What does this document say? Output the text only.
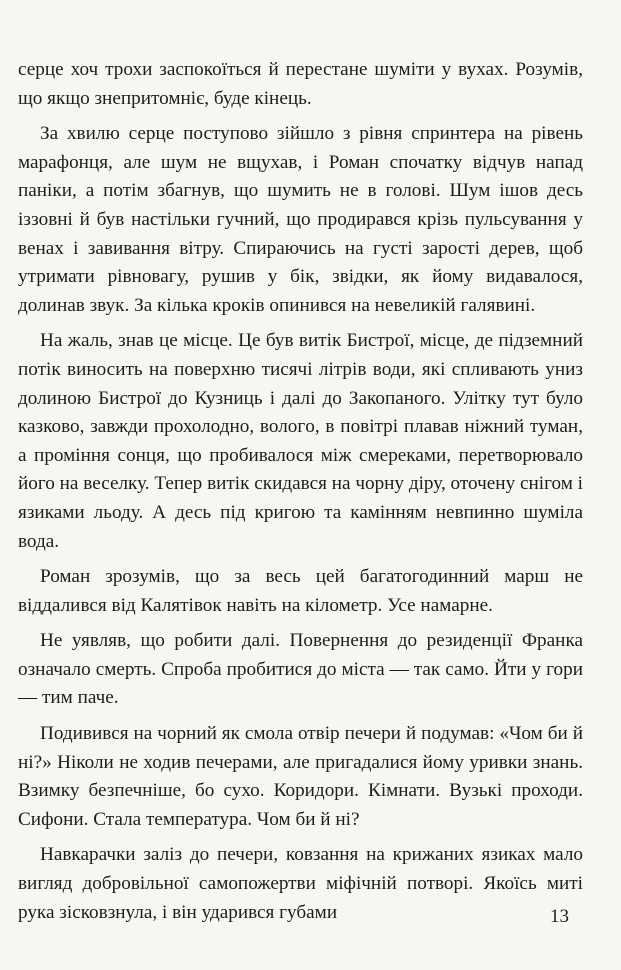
серце хоч трохи заспокоїться й перестане шуміти у вухах. Розумів, що якщо знепритомніє, буде кінець.

За хвилю серце поступово зійшло з рівня спринтера на рівень марафонця, але шум не вщухав, і Роман спочатку відчув напад паніки, а потім збагнув, що шумить не в голові. Шум ішов десь іззовні й був настільки гучний, що продирався крізь пульсування у венах і завивання вітру. Спираючись на густі зарості дерев, щоб утримати рівновагу, рушив у бік, звідки, як йому видавалося, долинав звук. За кілька кроків опинився на невеликій галявині.

На жаль, знав це місце. Це був витік Бистрої, місце, де підземний потік виносить на поверхню тисячі літрів води, які спливають униз долиною Бистрої до Кузниць і далі до Закопаного. Улітку тут було казково, завжди прохолодно, вологo, в повітрі плавав ніжний туман, а проміння сонця, що пробивалося між смереками, перетворювало його на веселку. Тепер витік скидався на чорну діру, оточену снігом і язиками льоду. А десь під кригою та камінням невпинно шуміла вода.

Роман зрозумів, що за весь цей багатогодинний марш не віддалився від Калятівок навіть на кілометр. Усе намарне.

Не уявляв, що робити далі. Повернення до резиденції Франка означало смерть. Спроба пробитися до міста — так само. Йти у гори — тим паче.

Подивився на чорний як смола отвір печери й подумав: «Чом би й ні?» Ніколи не ходив печерами, але пригадалися йому уривки знань. Взимку безпечніше, бо сухо. Коридори. Кімнати. Вузькі проходи. Сифони. Стала температура. Чом би й ні?

Навкарачки заліз до печери, ковзання на крижаних язиках мало вигляд добровільної самопожертви міфічній потворі. Якоїсь миті рука зісковзнула, і він ударився губами	13
